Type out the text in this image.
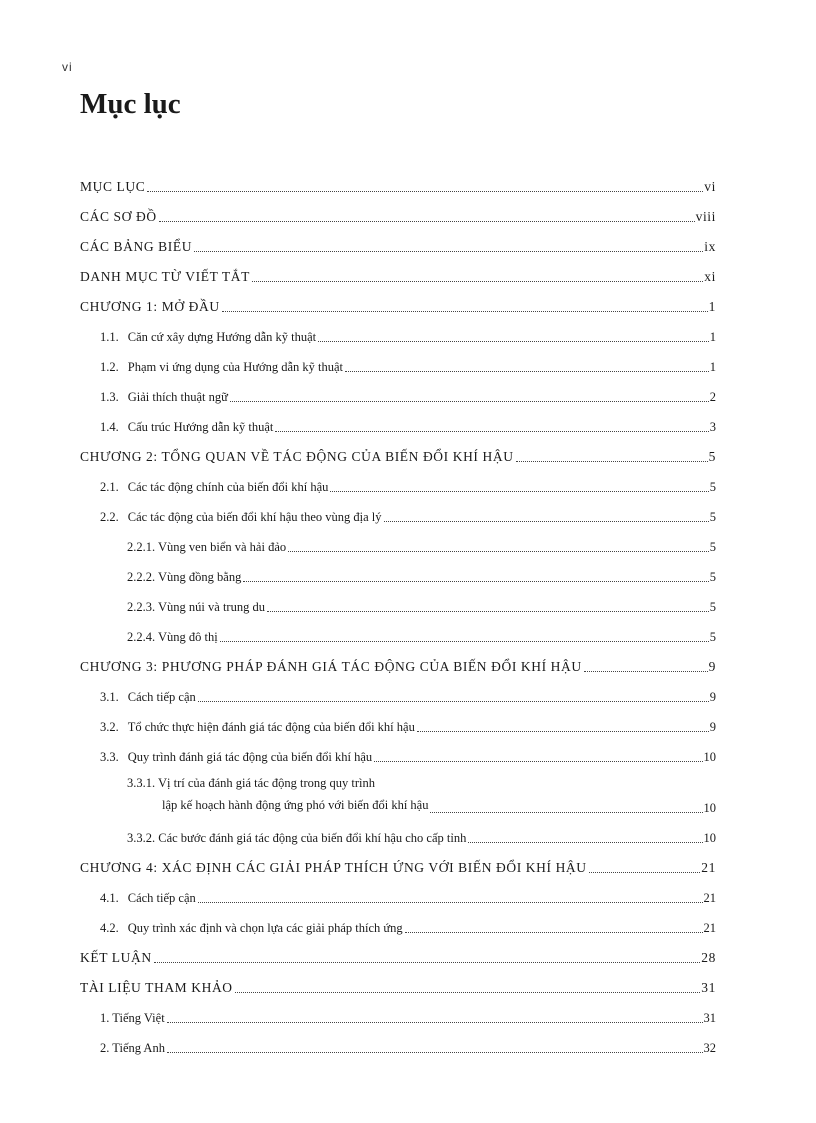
vi
Mục lục
MỤC LỤC	vi
CÁC SƠ ĐỒ	viii
CÁC BẢNG BIỂU	ix
DANH MỤC TỪ VIẾT TẮT	xi
CHƯƠNG 1: MỞ ĐẦU	1
1.1. Căn cứ xây dựng Hướng dẫn kỹ thuật	1
1.2. Phạm vi ứng dụng của Hướng dẫn kỹ thuật	1
1.3. Giải thích thuật ngữ	2
1.4. Cấu trúc Hướng dẫn kỹ thuật	3
CHƯƠNG 2: TỔNG QUAN VỀ TÁC ĐỘNG CỦA BIẾN ĐỔI KHÍ HẬU	5
2.1. Các tác động chính của biến đổi khí hậu	5
2.2. Các tác động của biến đổi khí hậu theo vùng địa lý	5
2.2.1. Vùng ven biển và hải đảo	5
2.2.2. Vùng đồng bằng	5
2.2.3. Vùng núi và trung du	5
2.2.4. Vùng đô thị	5
CHƯƠNG 3: PHƯƠNG PHÁP ĐÁNH GIÁ TÁC ĐỘNG CỦA BIẾN ĐỔI KHÍ HẬU	9
3.1. Cách tiếp cận	9
3.2. Tổ chức thực hiện đánh giá tác động của biến đổi khí hậu	9
3.3. Quy trình đánh giá tác động của biến đổi khí hậu	10
3.3.1. Vị trí của đánh giá tác động trong quy trình
lập kế hoạch hành động ứng phó với biến đổi khí hậu	10
3.3.2. Các bước đánh giá tác động của biến đổi khí hậu cho cấp tỉnh	10
CHƯƠNG 4: XÁC ĐỊNH CÁC GIẢI PHÁP THÍCH ỨNG VỚI BIẾN ĐỔI KHÍ HẬU	21
4.1. Cách tiếp cận	21
4.2. Quy trình xác định và chọn lựa các giải pháp thích ứng	21
KẾT LUẬN	28
TÀI LIỆU THAM KHẢO	31
1. Tiếng Việt	31
2. Tiếng Anh	32
